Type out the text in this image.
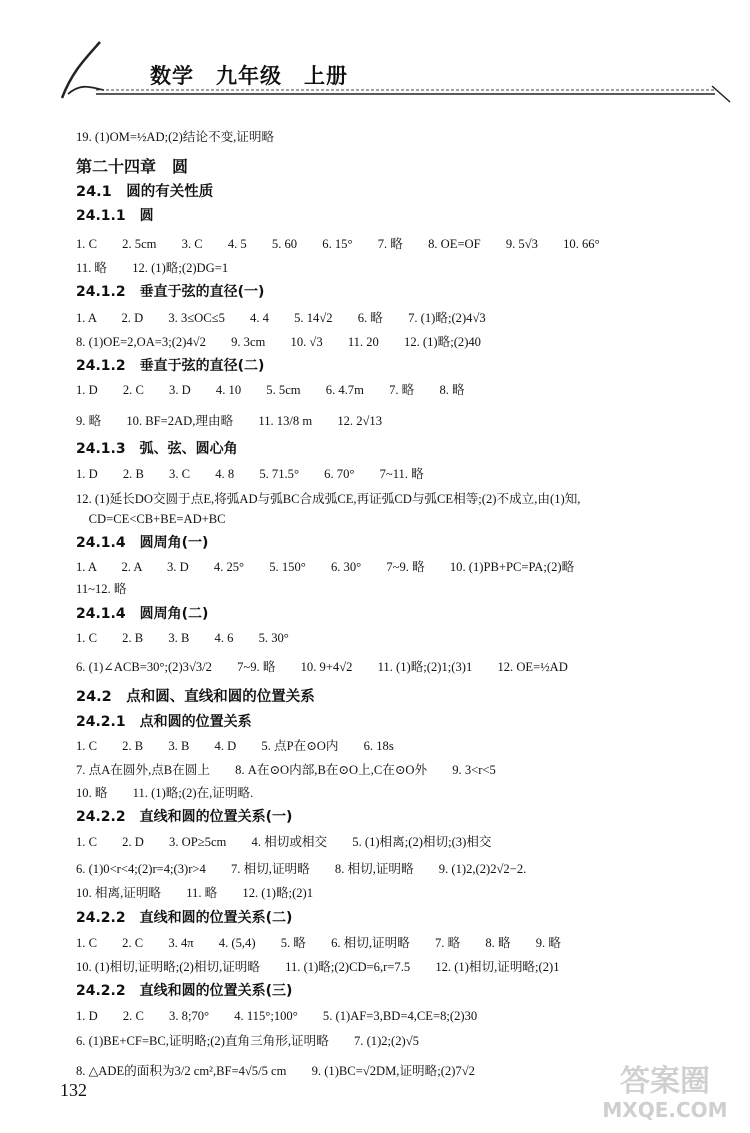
数学　九年级　上册
19. (1)OM=½AD;(2)结论不变,证明略
第二十四章　圆
24.1　圆的有关性质
24.1.1　圆
1. C　　2. 5cm　　3. C　　4. 5　　5. 60　　6. 15°　　7. 略　　8. OE=OF　　9. 5√3　　10. 66°
11. 略　　12. (1)略;(2)DG=1
24.1.2　垂直于弦的直径(一)
1. A　　2. D　　3. 3≤OC≤5　　4. 4　　5. 14√2　　6. 略　　7. (1)略;(2)4√3
8. (1)OE=2,OA=3;(2)4√2　　9. 3cm　　10. √3　　11. 20　　12. (1)略;(2)40
24.1.2　垂直于弦的直径(二)
1. D　　2. C　　3. D　　4. 10　　5. 5cm　　6. 4.7m　　7. 略　　8. 略
9. 略　　10. BF=2AD,理由略　　11. 13/8 m　　12. 2√13
24.1.3　弧、弦、圆心角
1. D　　2. B　　3. C　　4. 8　　5. 71.5°　　6. 70°　　7~11. 略
12. (1)延长DO交圆于点E,将弧AD与弧BC合成弧CE,再证弧CD与弧CE相等;(2)不成立,由(1)知,
　CD=CE<CB+BE=AD+BC
24.1.4　圆周角(一)
1. A　　2. A　　3. D　　4. 25°　　5. 150°　　6. 30°　　7~9. 略　　10. (1)PB+PC=PA;(2)略
11~12. 略
24.1.4　圆周角(二)
1. C　　2. B　　3. B　　4. 6　　5. 30°
6. (1)∠ACB=30°;(2)3√3/2　　7~9. 略　　10. 9+4√2　　11. (1)略;(2)1;(3)1　　12. OE=½AD
24.2　点和圆、直线和圆的位置关系
24.2.1　点和圆的位置关系
1. C　　2. B　　3. B　　4. D　　5. 点P在⊙O内　　6. 18s
7. 点A在圆外,点B在圆上　　8. A在⊙O内部,B在⊙O上,C在⊙O外　　9. 3<r<5
10. 略　　11. (1)略;(2)在,证明略.
24.2.2　直线和圆的位置关系(一)
1. C　　2. D　　3. OP≥5cm　　4. 相切或相交　　5. (1)相离;(2)相切;(3)相交
6. (1)0<r<4;(2)r=4;(3)r>4　　7. 相切,证明略　　8. 相切,证明略　　9. (1)2,(2)2√2−2.
10. 相离,证明略　　11. 略　　12. (1)略;(2)1
24.2.2　直线和圆的位置关系(二)
1. C　　2. C　　3. 4π　　4. (5,4)　　5. 略　　6. 相切,证明略　　7. 略　　8. 略　　9. 略
10. (1)相切,证明略;(2)相切,证明略　　11. (1)略;(2)CD=6,r=7.5　　12. (1)相切,证明略;(2)1
24.2.2　直线和圆的位置关系(三)
1. D　　2. C　　3. 8;70°　　4. 115°;100°　　5. (1)AF=3,BD=4,CE=8;(2)30
6. (1)BE+CF=BC,证明略;(2)直角三角形,证明略　　7. (1)2;(2)√5
8. △ADE的面积为3/2 cm²,BF=4√5/5 cm　　9. (1)BC=√2DM,证明略;(2)7√2
132	答案圈
MXQE.COM
